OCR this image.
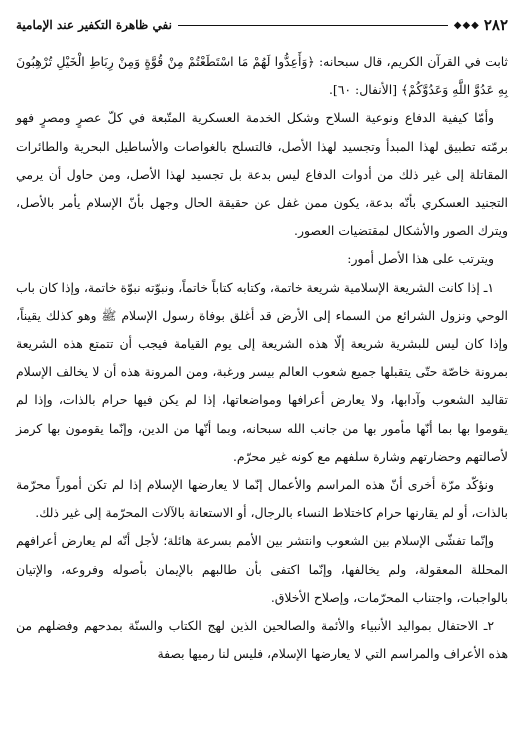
نفي ظاهرة التكفير عند الإمامية	◆◆◆ ٢٨٢

ثابت في القرآن الكريم، قال سبحانه: ﴿وَأَعِدُّوا لَهُمْ مَا اسْتَطَعْتُمْ مِنْ قُوَّةٍ وَمِنْ رِبَاطِ الْخَيْلِ تُرْهِبُونَ بِهِ عَدُوَّ اللَّهِ وَعَدُوَّكُمْ﴾ [الأنفال: ٦٠].

وأمّا كيفية الدفاع ونوعية السلاح وشكل الخدمة العسكرية المتّبعة في كلّ عصرٍ ومصرٍ فهو برمّته تطبيق لهذا المبدأ وتجسيد لهذا الأصل، فالتسلح بالغواصات والأساطيل البحرية والطائرات المقاتلة إلى غير ذلك من أدوات الدفاع ليس بدعة بل تجسيد لهذا الأصل، ومن حاول أن يرمي التجنيد العسكري بأنّه بدعة، يكون ممن غفل عن حقيقة الحال وجهل بأنّ الإسلام يأمر بالأصل، ويترك الصور والأشكال لمقتضيات العصور.

ويترتب على هذا الأصل أمور:

١ـ إذا كانت الشريعة الإسلامية شريعة خاتمة، وكتابه كتاباً خاتماً، ونبوّته نبوّة خاتمة، وإذا كان باب الوحي ونزول الشرائع من السماء إلى الأرض قد أغلق بوفاة رسول الإسلام ﷺ وهو كذلك يقيناً، وإذا كان ليس للبشرية شريعة إلّا هذه الشريعة إلى يوم القيامة فيجب أن تتمتع هذه الشريعة بمرونة خاصّة حتّى يتقبلها جميع شعوب العالم بيسر ورغبة، ومن المرونة هذه أن لا يخالف الإسلام تقاليد الشعوب وآدابها، ولا يعارض أعرافها ومواضعاتها، إذا لم يكن فيها حرام بالذات، وإذا لم يقوموا بها بما أنّها مأمور بها من جانب الله سبحانه، وبما أنّها من الدين، وإنّما يقومون بها كرمز لأصالتهم وحضارتهم وشارة سلفهم مع كونه غير محرّم.

ونؤكّد مرّة أخرى أنّ هذه المراسم والأعمال إنّما لا يعارضها الإسلام إذا لم تكن أموراً محرّمة بالذات، أو لم يقارنها حرام كاختلاط النساء بالرجال، أو الاستعانة بالآلات المحرّمة إلى غير ذلك.

وإنّما تفشّى الإسلام بين الشعوب وانتشر بين الأمم بسرعة هائلة؛ لأجل أنّه لم يعارض أعرافهم المحللة المعقولة، ولم يخالفها، وإنّما اكتفى بأن طالبهم بالإيمان بأصوله وفروعه، والإتيان بالواجبات، واجتناب المحرّمات، وإصلاح الأخلاق.

٢ـ الاحتفال بمواليد الأنبياء والأئمة والصالحين الذين لهج الكتاب والسنّة بمدحهم وفضلهم من هذه الأعراف والمراسم التي لا يعارضها الإسلام، فليس لنا رميها بصفة
